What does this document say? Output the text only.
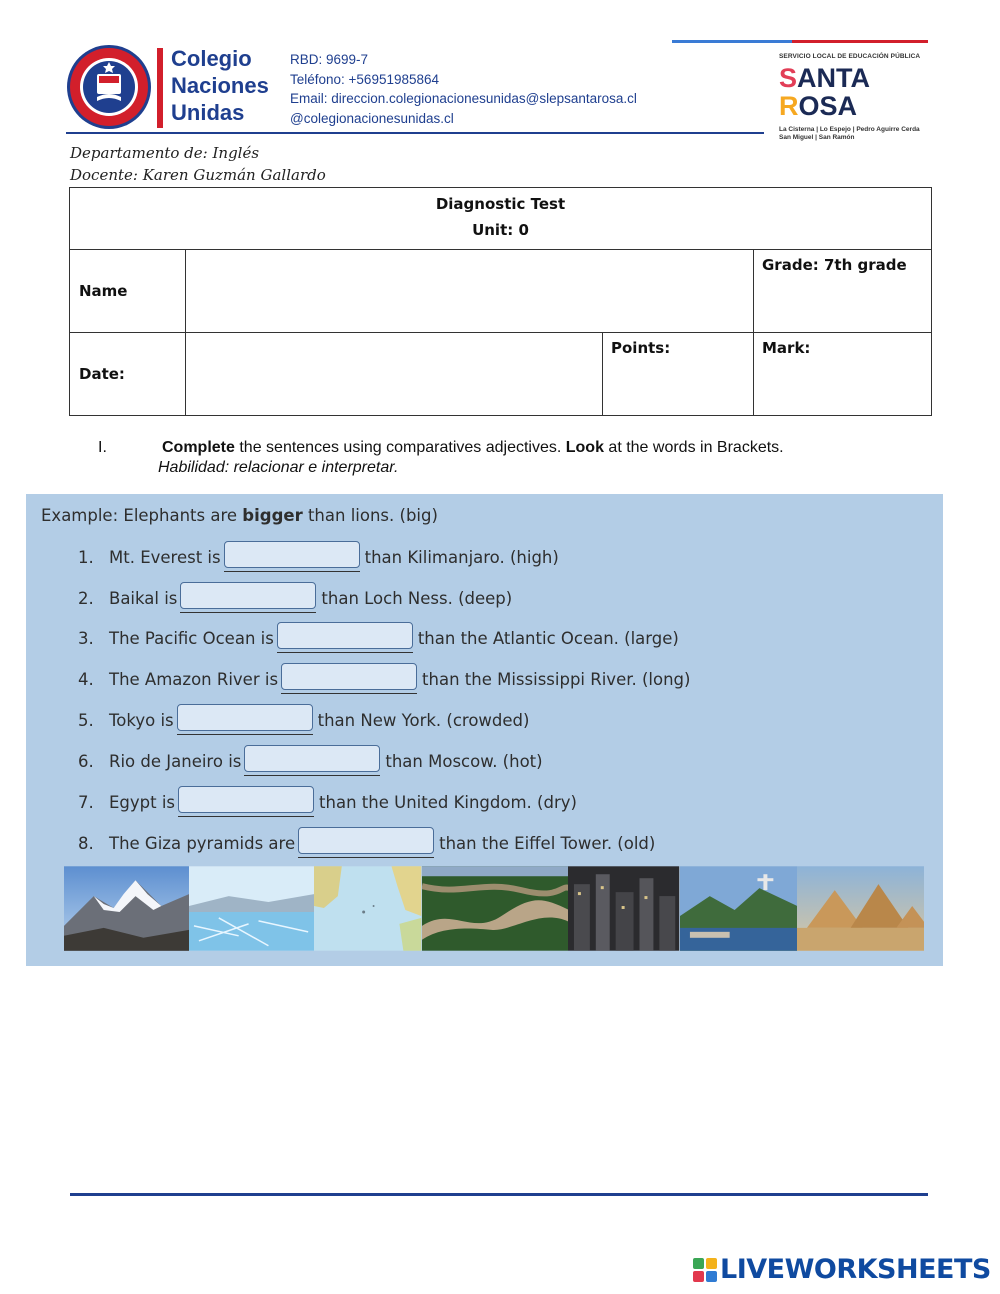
Colegio
Naciones
Unidas
RBD: 9699-7
Teléfono: +56951985864
Email: direccion.colegionacionesunidas@slepsantarosa.cl
@colegionacionesunidas.cl
SERVICIO LOCAL DE EDUCACIÓN PÚBLICA
SANTA
ROSA
La Cisterna | Lo Espejo | Pedro Aguirre Cerda
San Miguel | San Ramón
Departamento de: Inglés
Docente: Karen Guzmán Gallardo
Diagnostic Test
Unit: 0			

Name			Grade: 7th grade
Date:		Points:	Mark:
I.	Complete the sentences using comparatives adjectives. Look at the words in Brackets.
Habilidad: relacionar e interpretar.
Example: Elephants are bigger than lions. (big)
1. Mt. Everest is	than Kilimanjaro. (high)
2. Baikal is	than Loch Ness. (deep)
3. The Pacific Ocean is	than the Atlantic Ocean. (large)
4. The Amazon River is	than the Mississippi River. (long)
5. Tokyo is	than New York. (crowded)
6. Rio de Janeiro is	than Moscow. (hot)
7. Egypt is	than the United Kingdom. (dry)
8. The Giza pyramids are	than the Eiffel Tower. (old)
LIVEWORKSHEETS
